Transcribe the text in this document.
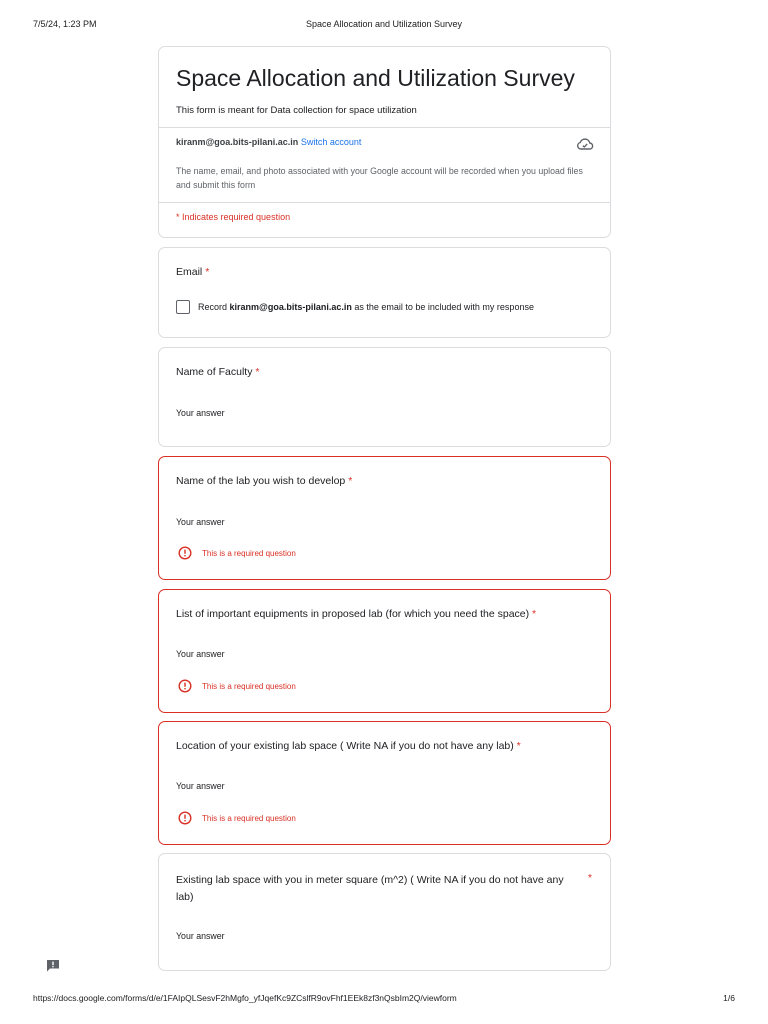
7/5/24, 1:23 PM	Space Allocation and Utilization Survey
Space Allocation and Utilization Survey
This form is meant for Data collection for space utilization
kiranm@goa.bits-pilani.ac.in Switch account
The name, email, and photo associated with your Google account will be recorded when you upload files and submit this form
* Indicates required question
Email *
Record kiranm@goa.bits-pilani.ac.in as the email to be included with my response
Name of Faculty *
Your answer
Name of the lab you wish to develop *
Your answer
This is a required question
List of important equipments in proposed lab (for which you need the space) *
Your answer
This is a required question
Location of your existing lab space ( Write NA if you do not have any lab) *
Your answer
This is a required question
Existing lab space with you in meter square (m^2) ( Write NA if you do not have any lab)
*
Your answer
https://docs.google.com/forms/d/e/1FAIpQLSesvF2hMgfo_yfJqefKc9ZCslfR9ovFhf1EEk8zf3nQsbIm2Q/viewform	1/6
